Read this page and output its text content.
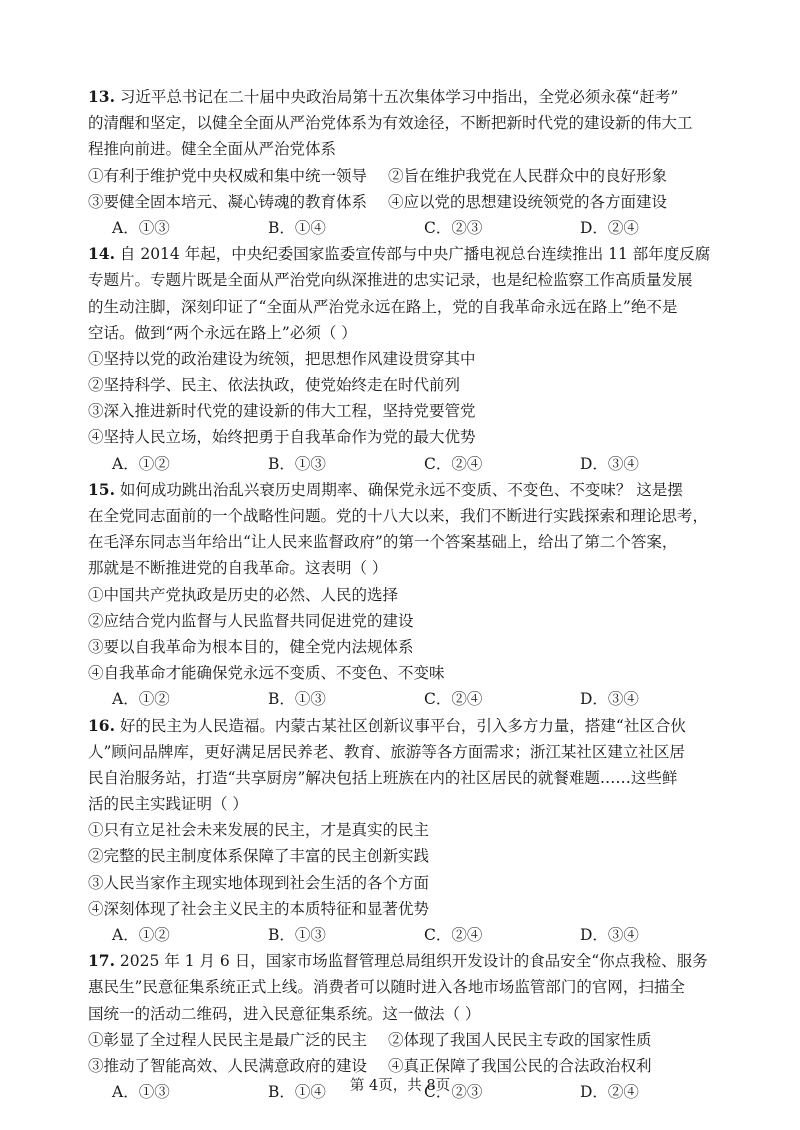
13. 习近平总书记在二十届中央政治局第十五次集体学习中指出，全党必须永葆“赶考”
的清醒和坚定，以健全全面从严治党体系为有效途径，不断把新时代党的建设新的伟大工
程推向前进。健全全面从严治党体系
①有利于维护党中央权威和集中统一领导	②旨在维护我党在人民群众中的良好形象
③要健全固本培元、凝心铸魂的教育体系	④应以党的思想建设统领党的各方面建设
A．①③	B．①④	C．②③	D．②④
14. 自 2014 年起，中央纪委国家监委宣传部与中央广播电视总台连续推出 11 部年度反腐
专题片。专题片既是全面从严治党向纵深推进的忠实记录，也是纪检监察工作高质量发展
的生动注脚，深刻印证了“全面从严治党永远在路上，党的自我革命永远在路上”绝不是
空话。做到“两个永远在路上”必须（ ）
①坚持以党的政治建设为统领，把思想作风建设贯穿其中
②坚持科学、民主、依法执政，使党始终走在时代前列
③深入推进新时代党的建设新的伟大工程，坚持党要管党
④坚持人民立场，始终把勇于自我革命作为党的最大优势
A．①②	B．①③	C．②④	D．③④
15. 如何成功跳出治乱兴衰历史周期率、确保党永远不变质、不变色、不变味？ 这是摆
在全党同志面前的一个战略性问题。党的十八大以来，我们不断进行实践探索和理论思考，
在毛泽东同志当年给出“让人民来监督政府”的第一个答案基础上，给出了第二个答案，
那就是不断推进党的自我革命。这表明（ ）
①中国共产党执政是历史的必然、人民的选择
②应结合党内监督与人民监督共同促进党的建设
③要以自我革命为根本目的，健全党内法规体系
④自我革命才能确保党永远不变质、不变色、不变味
A．①②	B．①③	C．②④	D．③④
16. 好的民主为人民造福。内蒙古某社区创新议事平台，引入多方力量，搭建“社区合伙
人”顾问品牌库，更好满足居民养老、教育、旅游等各方面需求；浙江某社区建立社区居
民自治服务站，打造“共享厨房”解决包括上班族在内的社区居民的就餐难题……这些鲜
活的民主实践证明（ ）
①只有立足社会未来发展的民主，才是真实的民主
②完整的民主制度体系保障了丰富的民主创新实践
③人民当家作主现实地体现到社会生活的各个方面
④深刻体现了社会主义民主的本质特征和显著优势
A．①②	B．①③	C．②④	D．③④
17. 2025 年 1 月 6 日，国家市场监督管理总局组织开发设计的食品安全“你点我检、服务
惠民生”民意征集系统正式上线。消费者可以随时进入各地市场监管部门的官网，扫描全
国统一的活动二维码，进入民意征集系统。这一做法（ ）
①彰显了全过程人民民主是最广泛的民主	②体现了我国人民民主专政的国家性质
③推动了智能高效、人民满意政府的建设	④真正保障了我国公民的合法政治权利
A．①③	B．①④	C．②③	D．②④
第 4页，共 8页
